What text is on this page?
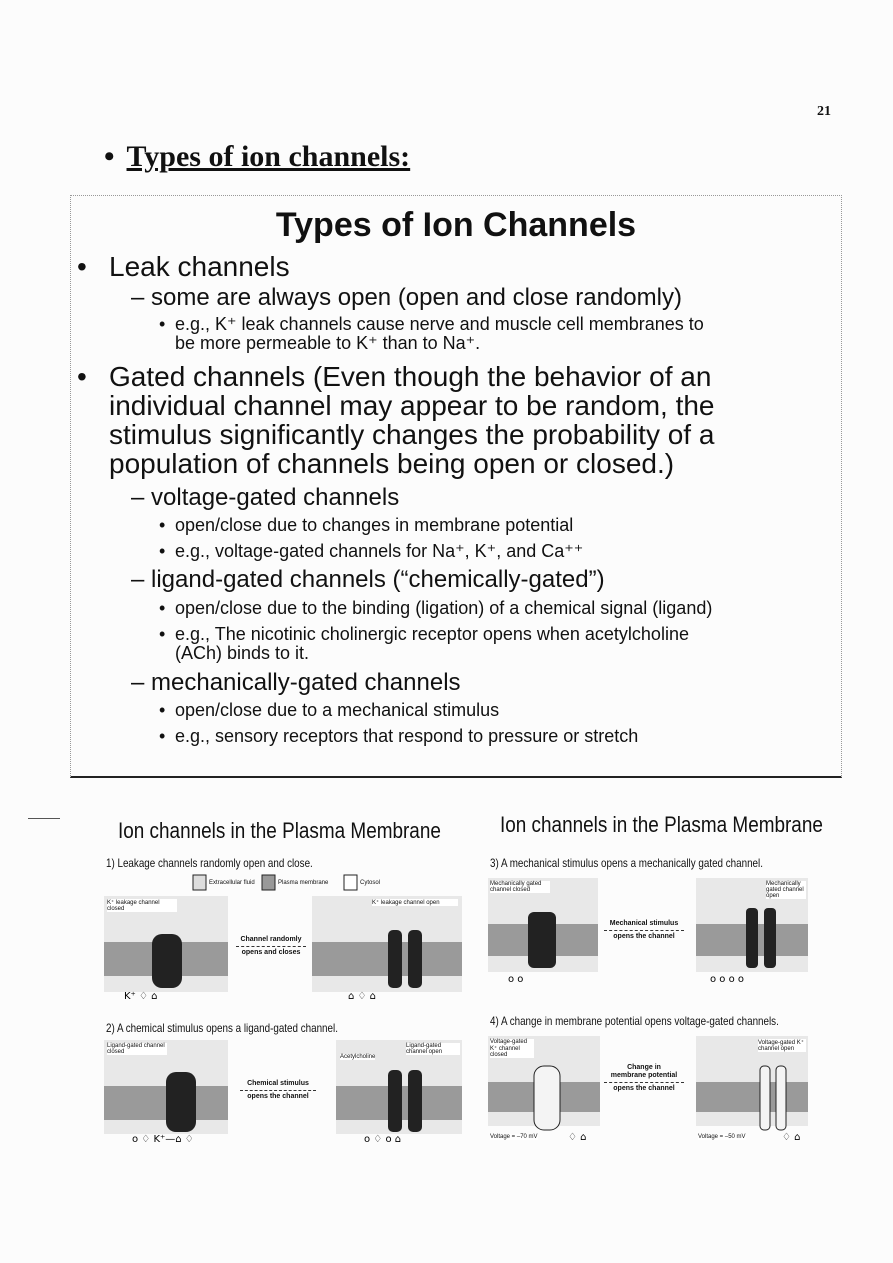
21
• Types of ion channels:
Types of Ion Channels
• Leak channels
– some are always open (open and close randomly)
• e.g., K⁺ leak channels cause nerve and muscle cell membranes to
be more permeable to K⁺ than to Na⁺.
• Gated channels (Even though the behavior of an
individual channel may appear to be random, the
stimulus significantly changes the probability of a
population of channels being open or closed.)
– voltage-gated channels
• open/close due to changes in membrane potential
• e.g., voltage-gated channels for Na⁺, K⁺, and Ca⁺⁺
– ligand-gated channels (“chemically-gated”)
• open/close due to the binding (ligation) of a chemical signal (ligand)
• e.g., The nicotinic cholinergic receptor opens when acetylcholine
(ACh) binds to it.
– mechanically-gated channels
• open/close due to a mechanical stimulus
• e.g., sensory receptors that respond to pressure or stretch
Ion channels in the Plasma Membrane
1) Leakage channels randomly open and close.
Extracellular fluid	Plasma membrane	Cytosol
K⁺ ♢ ⌂
K⁺ leakage channel closed
Channel randomly
opens and closes
⌂ ♢ ⌂
K⁺ leakage channel open
2) A chemical stimulus opens a ligand-gated channel.
o ♢ K⁺—⌂ ♢
Ligand-gated channel closed
Chemical stimulus
opens the channel
o ♢ o ⌂
Acetylcholine
Ligand-gated channel open
Ion channels in the Plasma Membrane
3) A mechanical stimulus opens a mechanically gated channel.
o o
Mechanically gated channel closed
Mechanical stimulus
opens the channel
o o o o
Mechanically gated channel open
4) A change in membrane potential opens voltage-gated channels.
♢ ⌂
Voltage-gated K⁺ channel closed
Voltage = –70 mV
Change in
membrane potential
opens the channel
♢ ⌂
Voltage-gated K⁺ channel open
Voltage = –50 mV
